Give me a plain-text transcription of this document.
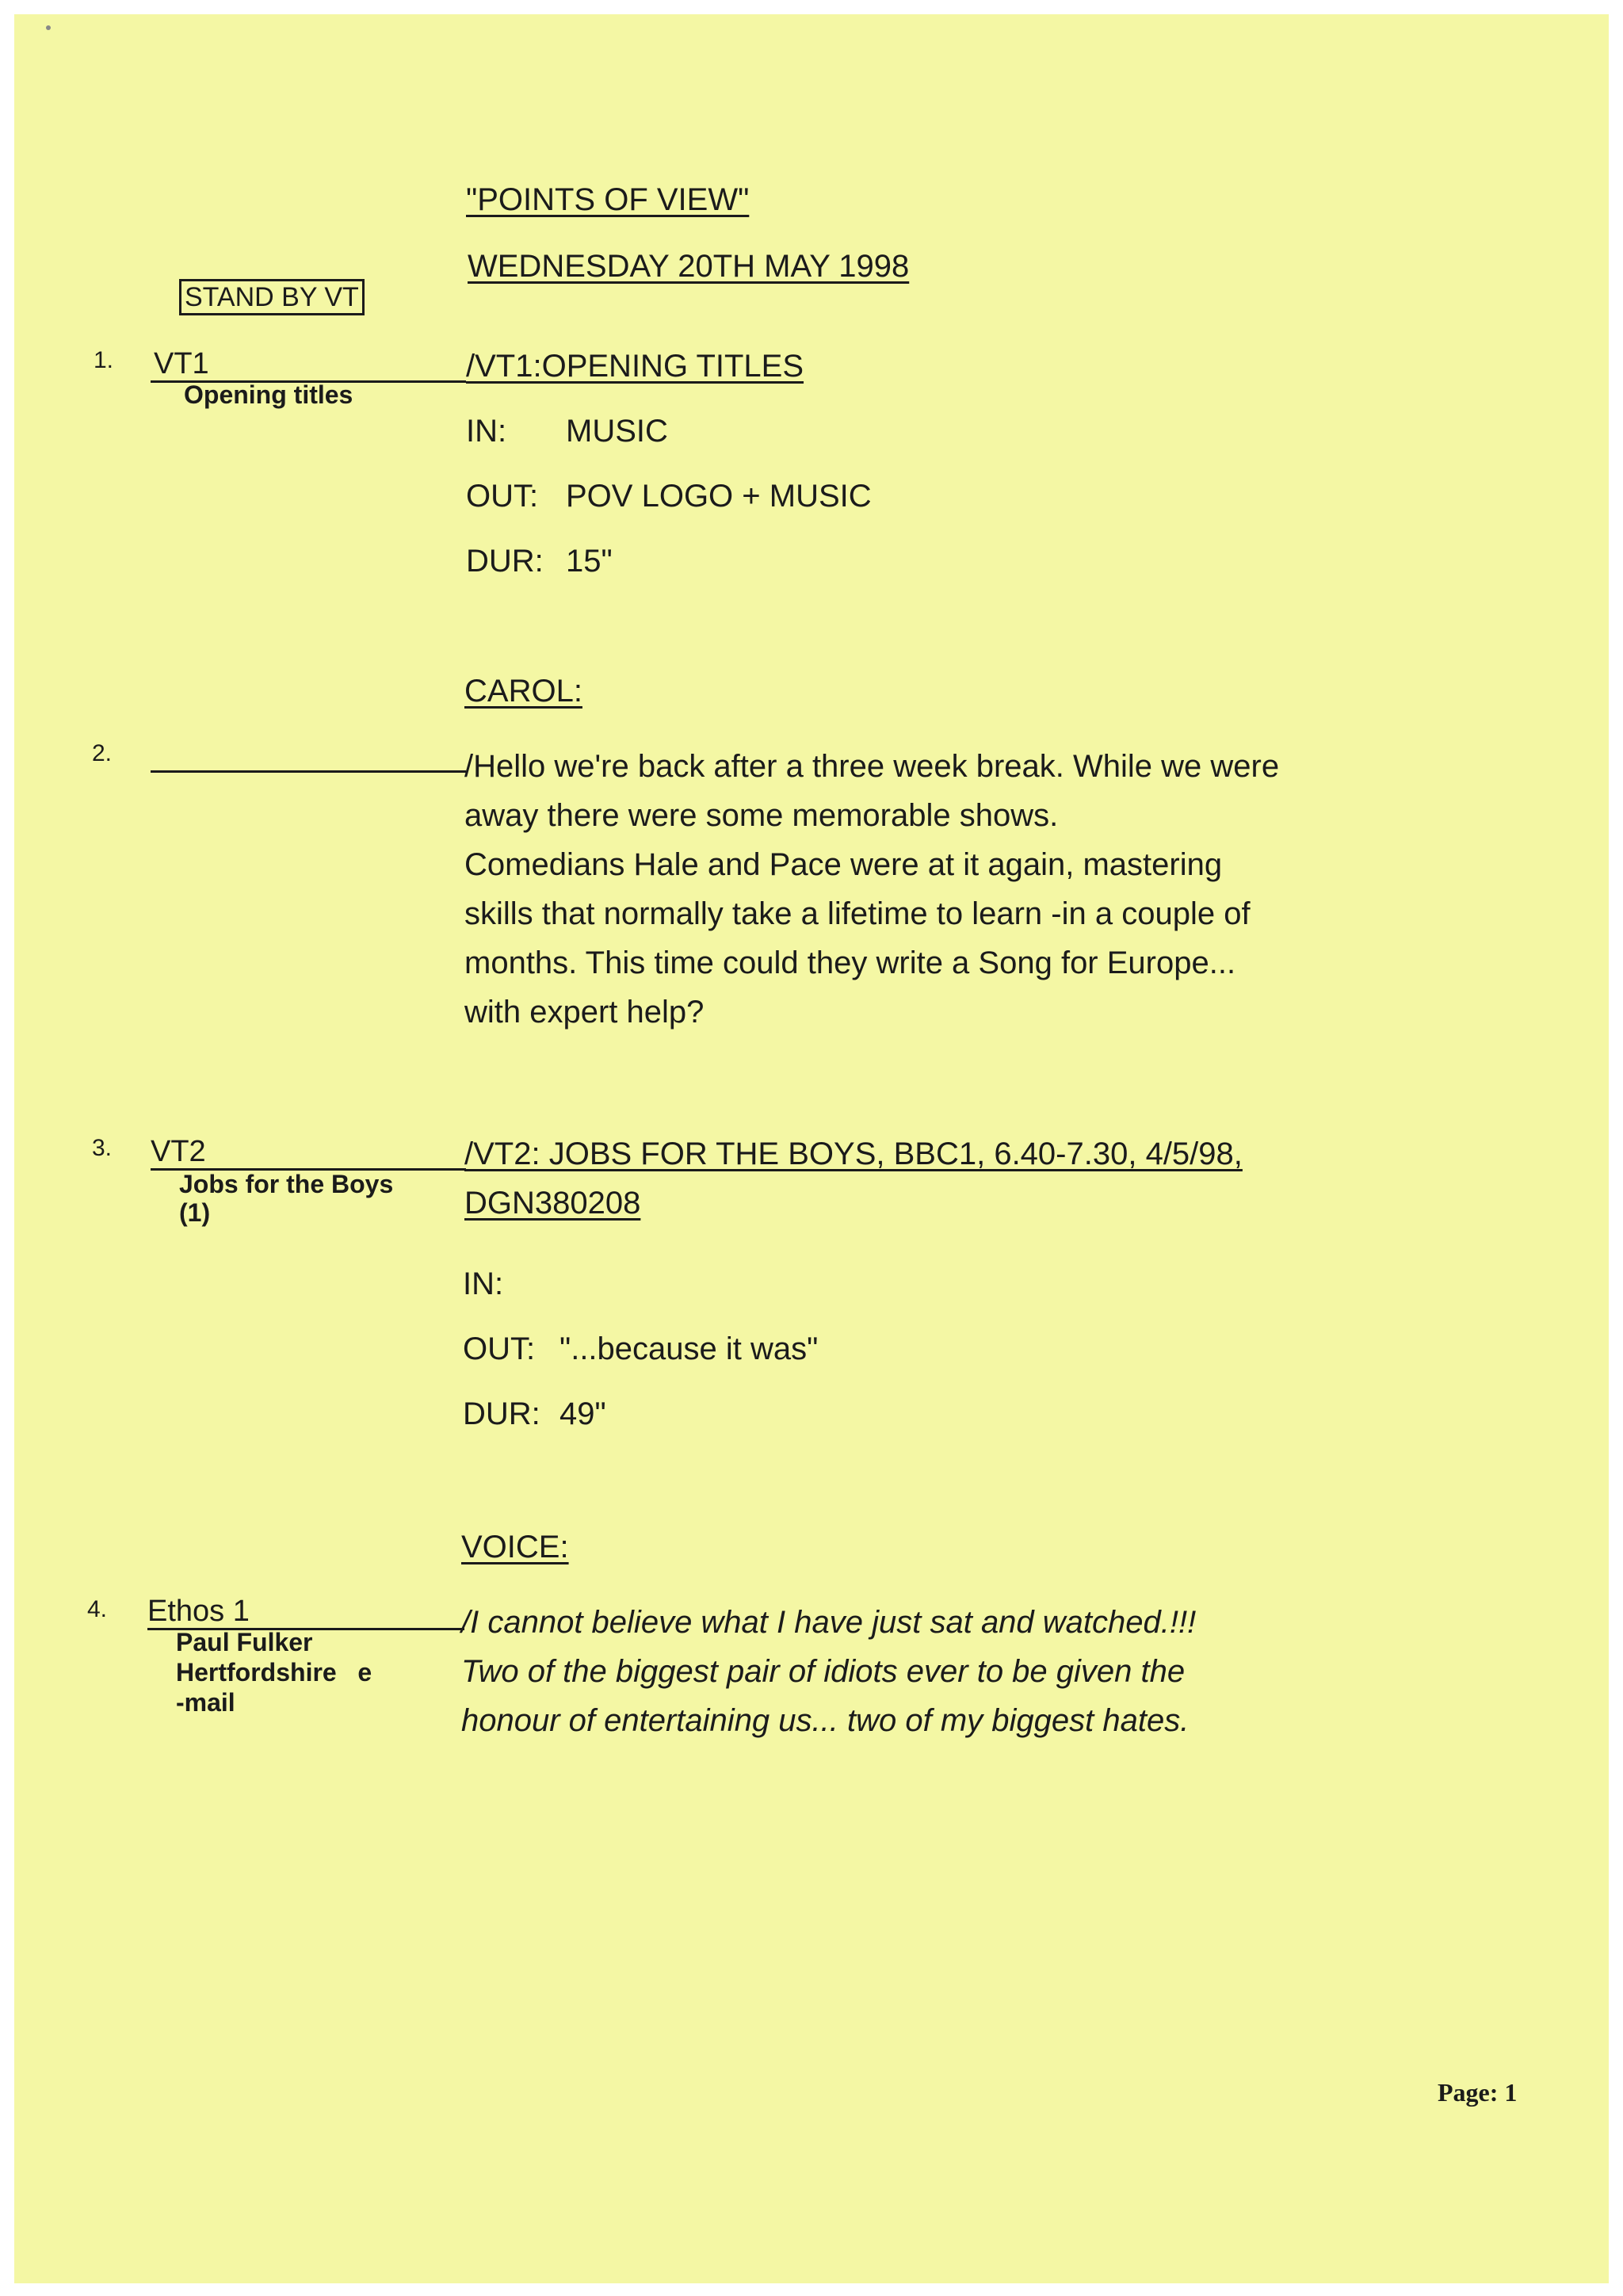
"POINTS OF VIEW"
WEDNESDAY 20TH MAY 1998
STAND BY VT
1. VT1
Opening titles
/VT1:OPENING TITLES
IN: MUSIC
OUT: POV LOGO + MUSIC
DUR: 15"
CAROL:
2.	/Hello we're back after a three week break. While we were
away there were some memorable shows.
Comedians Hale and Pace were at it again, mastering
skills that normally take a lifetime to learn -in a couple of
months. This time could they write a Song for Europe...
with expert help?
3. VT2
Jobs for the Boys
(1)
/VT2: JOBS FOR THE BOYS, BBC1, 6.40-7.30, 4/5/98,
DGN380208
IN:
OUT: "...because it was"
DUR: 49"
VOICE:
4. Ethos 1
Paul Fulker
Hertfordshire   e
-mail
/I cannot believe what I have just sat and watched.!!!
Two of the biggest pair of idiots ever to be given the
honour of entertaining us... two of my biggest hates.
Page: 1
